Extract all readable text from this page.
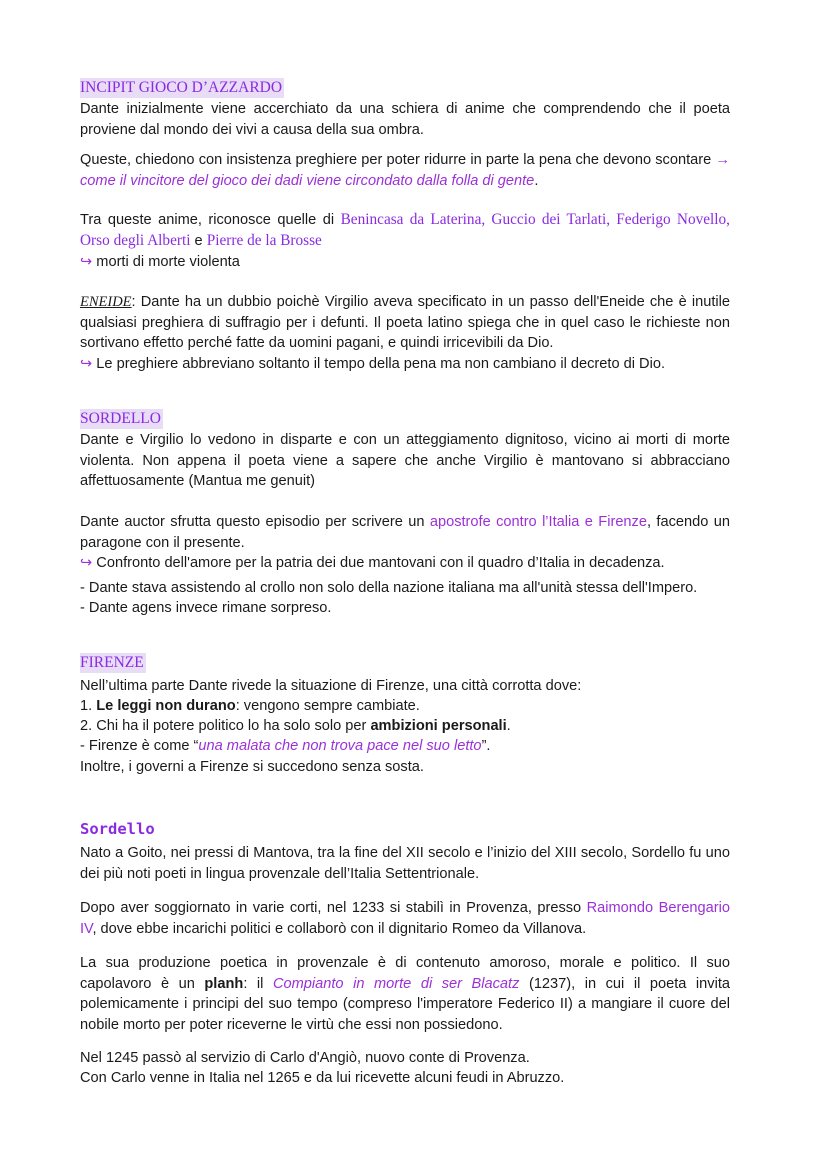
INCIPIT GIOCO D’AZZARDO

Dante inizialmente viene accerchiato da una schiera di anime che comprendendo che il poeta proviene dal mondo dei vivi a causa della sua ombra.

Queste, chiedono con insistenza preghiere per poter ridurre in parte la pena che devono scontare → come il vincitore del gioco dei dadi viene circondato dalla folla di gente.

Tra queste anime, riconosce quelle di Benincasa da Laterina, Guccio dei Tarlati, Federigo Novello, Orso degli Alberti e Pierre de la Brosse

↪ morti di morte violenta

ENEIDE: Dante ha un dubbio poichè Virgilio aveva specificato in un passo dell'Eneide che è inutile qualsiasi preghiera di suffragio per i defunti. Il poeta latino spiega che in quel caso le richieste non sortivano effetto perché fatte da uomini pagani, e quindi irricevibili da Dio.

↪ Le preghiere abbreviano soltanto il tempo della pena ma non cambiano il decreto di Dio.

SORDELLO

Dante e Virgilio lo vedono in disparte e con un atteggiamento dignitoso, vicino ai morti di morte violenta. Non appena il poeta viene a sapere che anche Virgilio è mantovano si abbracciano affettuosamente (Mantua me genuit)

Dante auctor sfrutta questo episodio per scrivere un apostrofe contro l’Italia e Firenze, facendo un paragone con il presente.

↪ Confronto dell'amore per la patria dei due mantovani con il quadro d’Italia in decadenza.

- Dante stava assistendo al crollo non solo della nazione italiana ma all'unità stessa dell'Impero.

- Dante agens invece rimane sorpreso.

FIRENZE

Nell’ultima parte Dante rivede la situazione di Firenze, una città corrotta dove:

1. Le leggi non durano: vengono sempre cambiate.

2. Chi ha il potere politico lo ha solo solo per ambizioni personali.

- Firenze è come “una malata che non trova pace nel suo letto”.

Inoltre, i governi a Firenze si succedono senza sosta.

Sordello

Nato a Goito, nei pressi di Mantova, tra la fine del XII secolo e l’inizio del XIII secolo, Sordello fu uno dei più noti poeti in lingua provenzale dell’Italia Settentrionale.

Dopo aver soggiornato in varie corti, nel 1233 si stabilì in Provenza, presso Raimondo Berengario IV, dove ebbe incarichi politici e collaborò con il dignitario Romeo da Villanova.

La sua produzione poetica in provenzale è di contenuto amoroso, morale e politico. Il suo capolavoro è un planh: il Compianto in morte di ser Blacatz (1237), in cui il poeta invita polemicamente i principi del suo tempo (compreso l'imperatore Federico II) a mangiare il cuore del nobile morto per poter riceverne le virtù che essi non possiedono.

Nel 1245 passò al servizio di Carlo d'Angiò, nuovo conte di Provenza.

Con Carlo venne in Italia nel 1265 e da lui ricevette alcuni feudi in Abruzzo.
